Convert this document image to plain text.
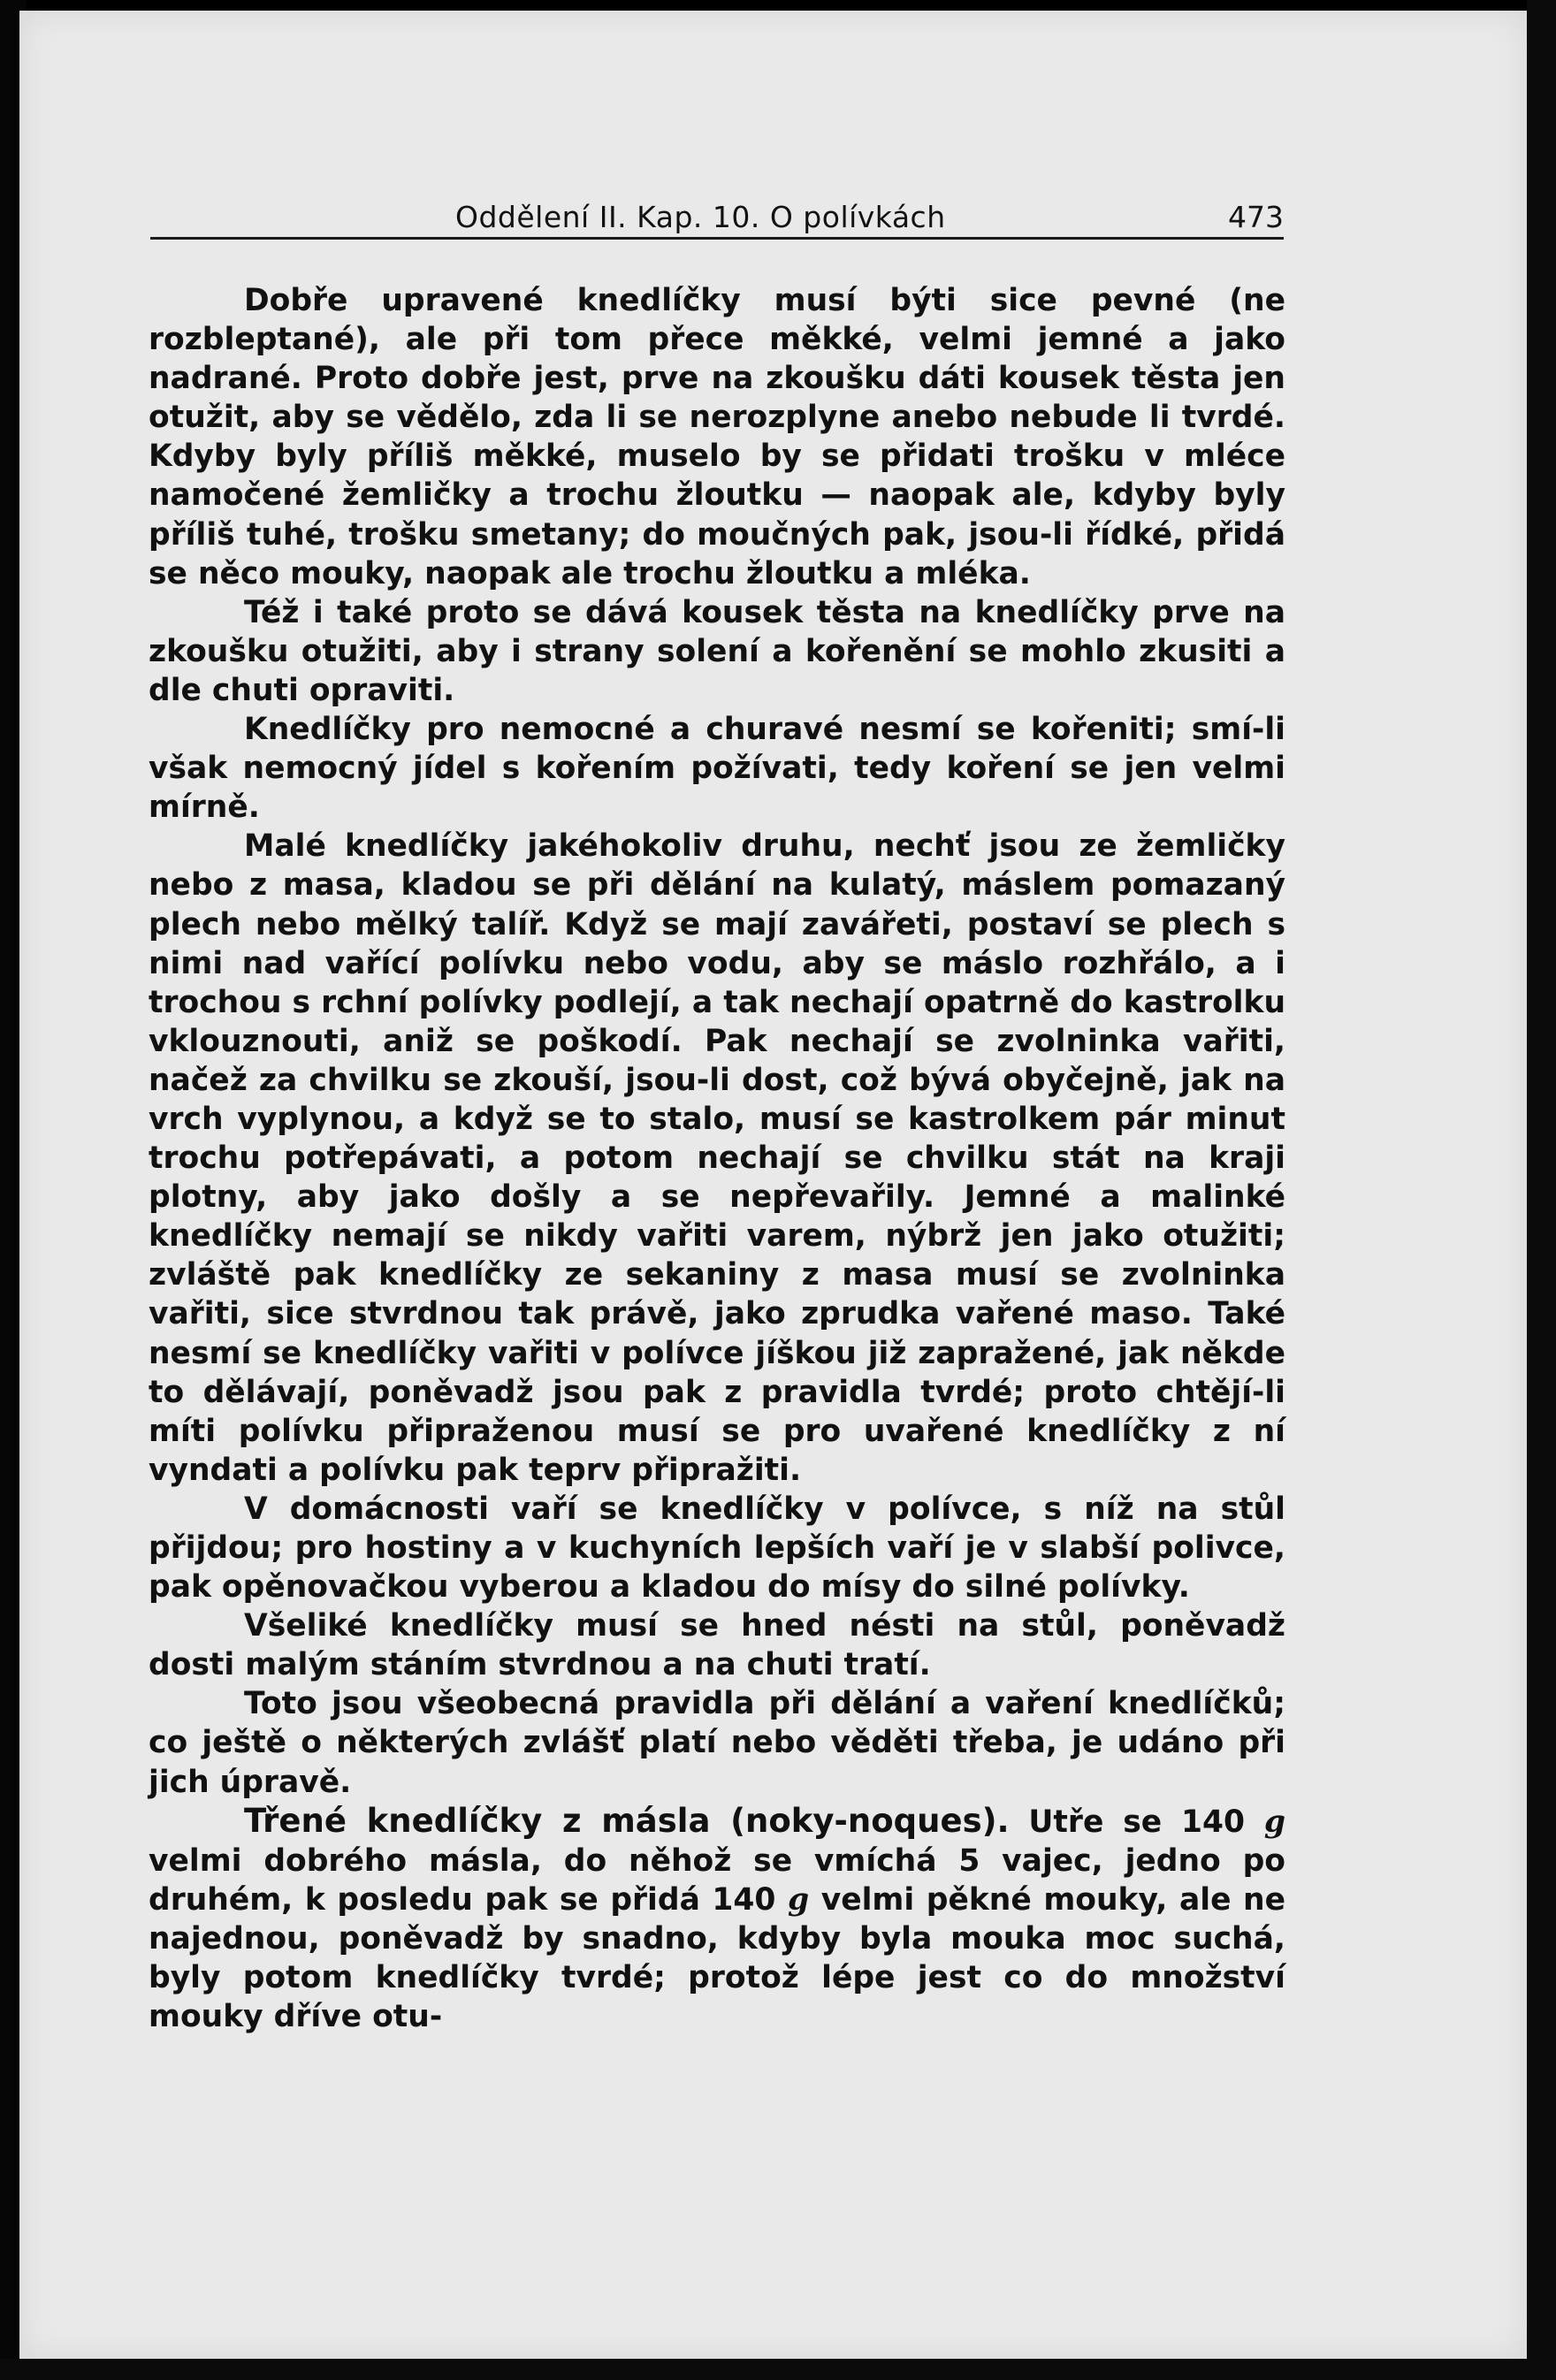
Oddělení II. Kap. 10. O polívkách	473

Dobře upravené knedlíčky musí býti sice pevné (ne rozbleptané), ale při tom přece měkké, velmi jemné a jako nadrané. Proto dobře jest, prve na zkoušku dáti kousek těsta jen otužit, aby se vědělo, zda li se nerozplyne anebo nebude li tvrdé. Kdyby byly příliš měkké, muselo by se přidati trošku v mléce namočené žemličky a trochu žloutku — naopak ale, kdyby byly příliš tuhé, trošku smetany; do moučných pak, jsou-li řídké, přidá se něco mouky, naopak ale trochu žloutku a mléka.

Též i také proto se dává kousek těsta na knedlíčky prve na zkoušku otužiti, aby i strany solení a kořenění se mohlo zkusiti a dle chuti opraviti.

Knedlíčky pro nemocné a churavé nesmí se kořeniti; smí-li však nemocný jídel s kořením požívati, tedy koření se jen velmi mírně.

Malé knedlíčky jakéhokoliv druhu, nechť jsou ze žemličky nebo z masa, kladou se při dělání na kulatý, máslem pomazaný plech nebo mělký talíř. Když se mají zavářeti, postaví se plech s nimi nad vařící polívku nebo vodu, aby se máslo rozhřálo, a i trochou s rchní polívky podlejí, a tak nechají opatrně do kastrolku vklouznouti, aniž se poškodí. Pak nechají se zvolninka vařiti, načež za chvilku se zkouší, jsou-li dost, což bývá obyčejně, jak na vrch vyplynou, a když se to stalo, musí se kastrolkem pár minut trochu potřepávati, a potom nechají se chvilku stát na kraji plotny, aby jako došly a se nepřevařily. Jemné a malinké knedlíčky nemají se nikdy vařiti varem, nýbrž jen jako otužiti; zvláště pak knedlíčky ze sekaniny z masa musí se zvolninka vařiti, sice stvrdnou tak právě, jako zprudka vařené maso. Také nesmí se knedlíčky vařiti v polívce jíškou již zapražené, jak někde to dělávají, poněvadž jsou pak z pravidla tvrdé; proto chtějí-li míti polívku připraženou musí se pro uvařené knedlíčky z ní vyndati a polívku pak teprv připražiti.

V domácnosti vaří se knedlíčky v polívce, s níž na stůl přijdou; pro hostiny a v kuchyních lepších vaří je v slabší polivce, pak opěnovačkou vyberou a kladou do mísy do silné polívky.

Všeliké knedlíčky musí se hned nésti na stůl, poněvadž dosti malým stáním stvrdnou a na chuti tratí.

Toto jsou všeobecná pravidla při dělání a vaření knedlíčků; co ještě o některých zvlášť platí nebo věděti třeba, je udáno při jich úpravě.

Třené knedlíčky z másla (noky-noques). Utře se 140 g velmi dobrého másla, do něhož se vmíchá 5 vajec, jedno po druhém, k posledu pak se přidá 140 g velmi pěkné mouky, ale ne najednou, poněvadž by snadno, kdyby byla mouka moc suchá, byly potom knedlíčky tvrdé; protož lépe jest co do množství mouky dříve otu-
